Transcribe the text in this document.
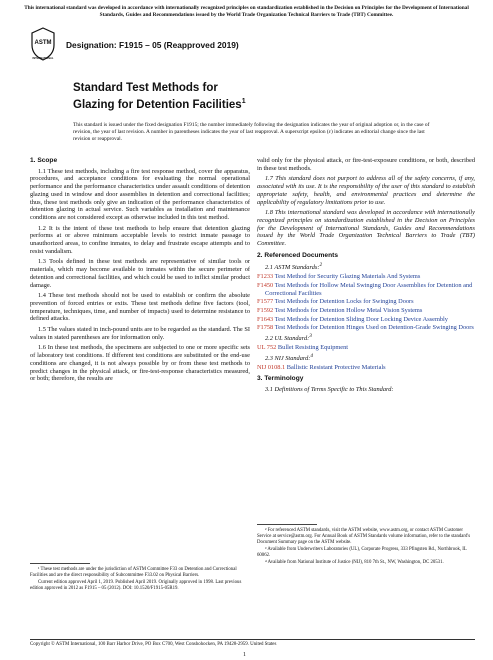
This international standard was developed in accordance with internationally recognized principles on standardization established in the Decision on Principles for the Development of International Standards, Guides and Recommendations issued by the World Trade Organization Technical Barriers to Trade (TBT) Committee.
ASTM
INTERNATIONAL
Designation: F1915 – 05 (Reapproved 2019)
Standard Test Methods for
Glazing for Detention Facilities$^1$
This standard is issued under the fixed designation F1915; the number immediately following the designation indicates the year of original adoption or, in the case of revision, the year of last revision. A number in parentheses indicates the year of last reapproval. A superscript epsilon (ε) indicates an editorial change since the last revision or reapproval.
1. Scope
1.1 These test methods, including a fire test response method, cover the apparatus, procedures, and acceptance conditions for evaluating the normal operational performance and the performance characteristics under assault conditions of detention glazing used in window and door assemblies in detention and correctional facilities; thus, these test methods only give an indication of the performance characteristics of detention glazing in actual service. Such variables as installation and maintenance conditions are not considered except as otherwise included in this test method.
1.2 It is the intent of these test methods to help ensure that detention glazing performs at or above minimum acceptable levels to restrict inmate passage to unauthorized areas, to confine inmates, to delay and frustrate escape attempts and to resist vandalism.
1.3 Tools defined in these test methods are representative of similar tools or materials, which may become available to inmates within the secure perimeter of detention and correctional facilities, and which could be used to inflict similar product damage.
1.4 These test methods should not be used to establish or confirm the absolute prevention of forced entries or exits. These test methods define five factors (tool, temperature, techniques, time, and number of impacts) used to determine resistance to defined attacks.
1.5 The values stated in inch-pound units are to be regarded as the standard. The SI values in stated parentheses are for information only.
1.6 In these test methods, the specimens are subjected to one or more specific sets of laboratory test conditions. If different test conditions are substituted or the end-use conditions are changed, it is not always possible by or from these test methods to predict changes in the physical attack, or fire-test-response characteristics measured, or both; therefore, the results are
valid only for the physical attack, or fire-test-exposure conditions, or both, described in these test methods.
1.7 This standard does not purport to address all of the safety concerns, if any, associated with its use. It is the responsibility of the user of this standard to establish appropriate safety, health, and environmental practices and determine the applicability of regulatory limitations prior to use.
1.8 This international standard was developed in accordance with internationally recognized principles on standardization established in the Decision on Principles for the Development of International Standards, Guides and Recommendations issued by the World Trade Organization Technical Barriers to Trade (TBT) Committee.
2. Referenced Documents
2.1 ASTM Standards:$^2$
F1233 Test Method for Security Glazing Materials And Systems
F1450 Test Methods for Hollow Metal Swinging Door Assemblies for Detention and Correctional Facilities
F1577 Test Methods for Detention Locks for Swinging Doors
F1592 Test Methods for Detention Hollow Metal Vision Systems
F1643 Test Methods for Detention Sliding Door Locking Device Assembly
F1758 Test Methods for Detention Hinges Used on Detention-Grade Swinging Doors
2.2 UL Standard:$^3$
UL 752 Bullet Resisting Equipment
2.3 NIJ Standard:$^4$
NIJ 0108.1 Ballistic Resistant Protective Materials
3. Terminology
3.1 Definitions of Terms Specific to This Standard:
¹ These test methods are under the jurisdiction of ASTM Committee F33 on Detention and Correctional Facilities and are the direct responsibility of Subcommittee F33.02 on Physical Barriers.
Current edition approved April 1, 2019. Published April 2019. Originally approved in 1998. Last previous edition approved in 2012 as F1915 – 05 (2012). DOI: 10.1520/F1915-05R19.
² For referenced ASTM standards, visit the ASTM website, www.astm.org, or contact ASTM Customer Service at service@astm.org. For Annual Book of ASTM Standards volume information, refer to the standard's Document Summary page on the ASTM website.
³ Available from Underwriters Laboratories (UL), Corporate Progress, 333 Pfingsten Rd., Northbrook, IL 60062.
⁴ Available from National Institute of Justice (NIJ), 810 7th St., NW, Washington, DC 20531.
Copyright © ASTM International, 100 Barr Harbor Drive, PO Box C700, West Conshohocken, PA 19428-2959. United States
1
